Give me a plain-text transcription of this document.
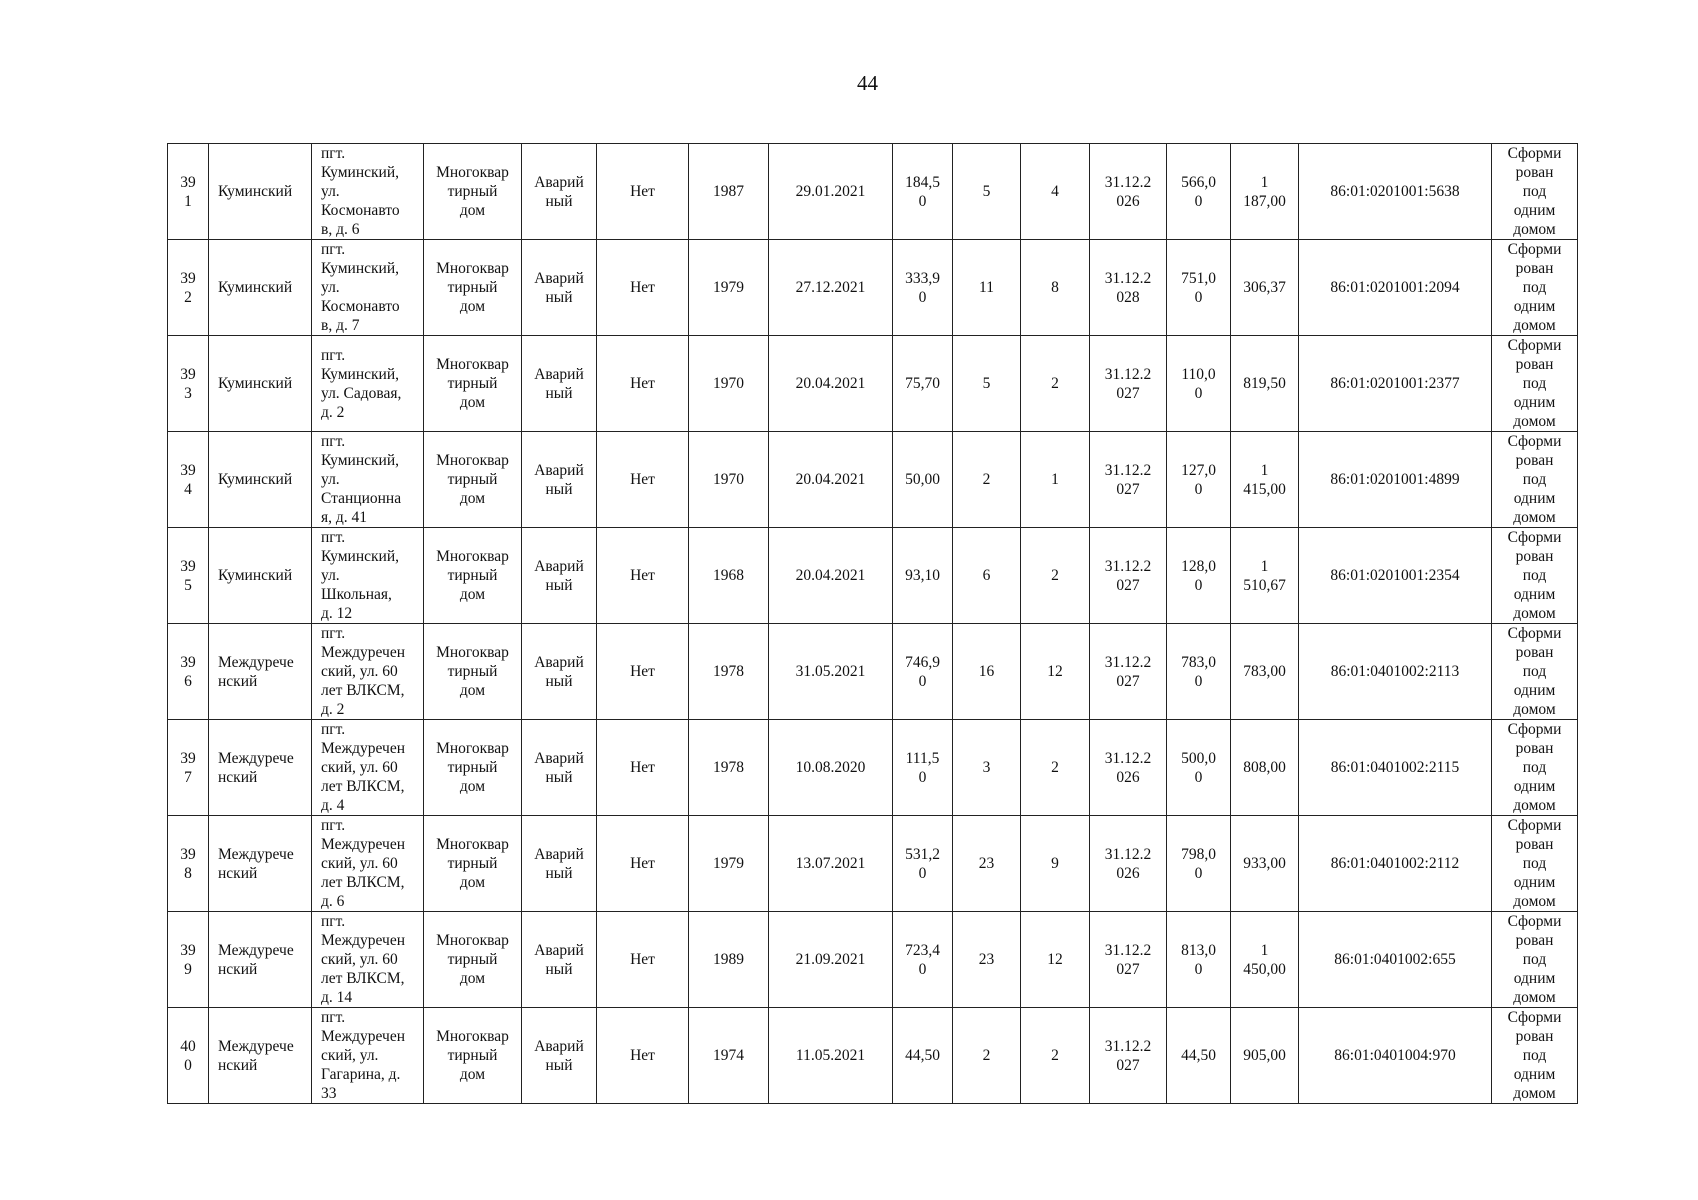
44
39
1	Куминский	пгт.
Куминский,
ул.
Космонавто
в, д. 6	Многоквар
тирный
дом	Аварий
ный	Нет	1987	29.01.2021	184,5
0	5	4	31.12.2
026	566,0
0	1
187,00	86:01:0201001:5638	Сформи
рован
под
одним
домом

39
2	Куминский	пгт.
Куминский,
ул.
Космонавто
в, д. 7	Многоквар
тирный
дом	Аварий
ный	Нет	1979	27.12.2021	333,9
0	11	8	31.12.2
028	751,0
0	306,37	86:01:0201001:2094	Сформи
рован
под
одним
домом

39
3	Куминский	пгт.
Куминский,
ул. Садовая,
д. 2	Многоквар
тирный
дом	Аварий
ный	Нет	1970	20.04.2021	75,70	5	2	31.12.2
027	110,0
0	819,50	86:01:0201001:2377	Сформи
рован
под
одним
домом

39
4	Куминский	пгт.
Куминский,
ул.
Станционна
я, д. 41	Многоквар
тирный
дом	Аварий
ный	Нет	1970	20.04.2021	50,00	2	1	31.12.2
027	127,0
0	1
415,00	86:01:0201001:4899	Сформи
рован
под
одним
домом

39
5	Куминский	пгт.
Куминский,
ул.
Школьная,
д. 12	Многоквар
тирный
дом	Аварий
ный	Нет	1968	20.04.2021	93,10	6	2	31.12.2
027	128,0
0	1
510,67	86:01:0201001:2354	Сформи
рован
под
одним
домом

39
6	Междурече
нский	пгт.
Междуречен
ский, ул. 60
лет ВЛКСМ,
д. 2	Многоквар
тирный
дом	Аварий
ный	Нет	1978	31.05.2021	746,9
0	16	12	31.12.2
027	783,0
0	783,00	86:01:0401002:2113	Сформи
рован
под
одним
домом

39
7	Междурече
нский	пгт.
Междуречен
ский, ул. 60
лет ВЛКСМ,
д. 4	Многоквар
тирный
дом	Аварий
ный	Нет	1978	10.08.2020	111,5
0	3	2	31.12.2
026	500,0
0	808,00	86:01:0401002:2115	Сформи
рован
под
одним
домом

39
8	Междурече
нский	пгт.
Междуречен
ский, ул. 60
лет ВЛКСМ,
д. 6	Многоквар
тирный
дом	Аварий
ный	Нет	1979	13.07.2021	531,2
0	23	9	31.12.2
026	798,0
0	933,00	86:01:0401002:2112	Сформи
рован
под
одним
домом

39
9	Междурече
нский	пгт.
Междуречен
ский, ул. 60
лет ВЛКСМ,
д. 14	Многоквар
тирный
дом	Аварий
ный	Нет	1989	21.09.2021	723,4
0	23	12	31.12.2
027	813,0
0	1
450,00	86:01:0401002:655	Сформи
рован
под
одним
домом

40
0	Междурече
нский	пгт.
Междуречен
ский, ул.
Гагарина, д.
33	Многоквар
тирный
дом	Аварий
ный	Нет	1974	11.05.2021	44,50	2	2	31.12.2
027	44,50	905,00	86:01:0401004:970	Сформи
рован
под
одним
домом
